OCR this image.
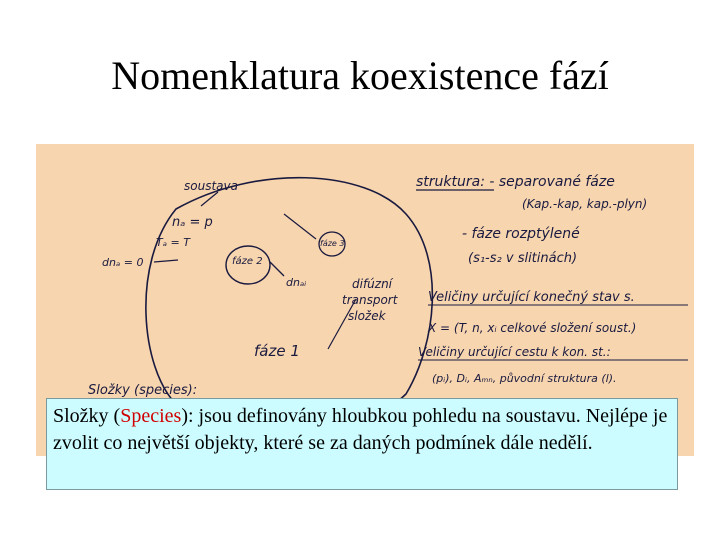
Nomenklatura koexistence fází
soustava
nₐ = p
Tₐ = T
dnₐ = 0	fáze 2
fáze 3
dnₐᵢ	difúzní
transport
složek
fáze 1
struktura: - separované fáze
(Kap.-kap, kap.-plyn)
- fáze rozptýlené
(s₁-s₂ v slitinách)
Veličiny určující konečný stav s.
X = (T, n, xᵢ celkové složení soust.)
Veličiny určující cestu k kon. st.:
(pᵢ), Dᵢ, Aₘₙ, původní struktura (l).
Složky (species):
Složky (Species): jsou definovány hloubkou pohledu na soustavu. Nejlépe je zvolit co největší objekty, které se za daných podmínek dále nedělí.
